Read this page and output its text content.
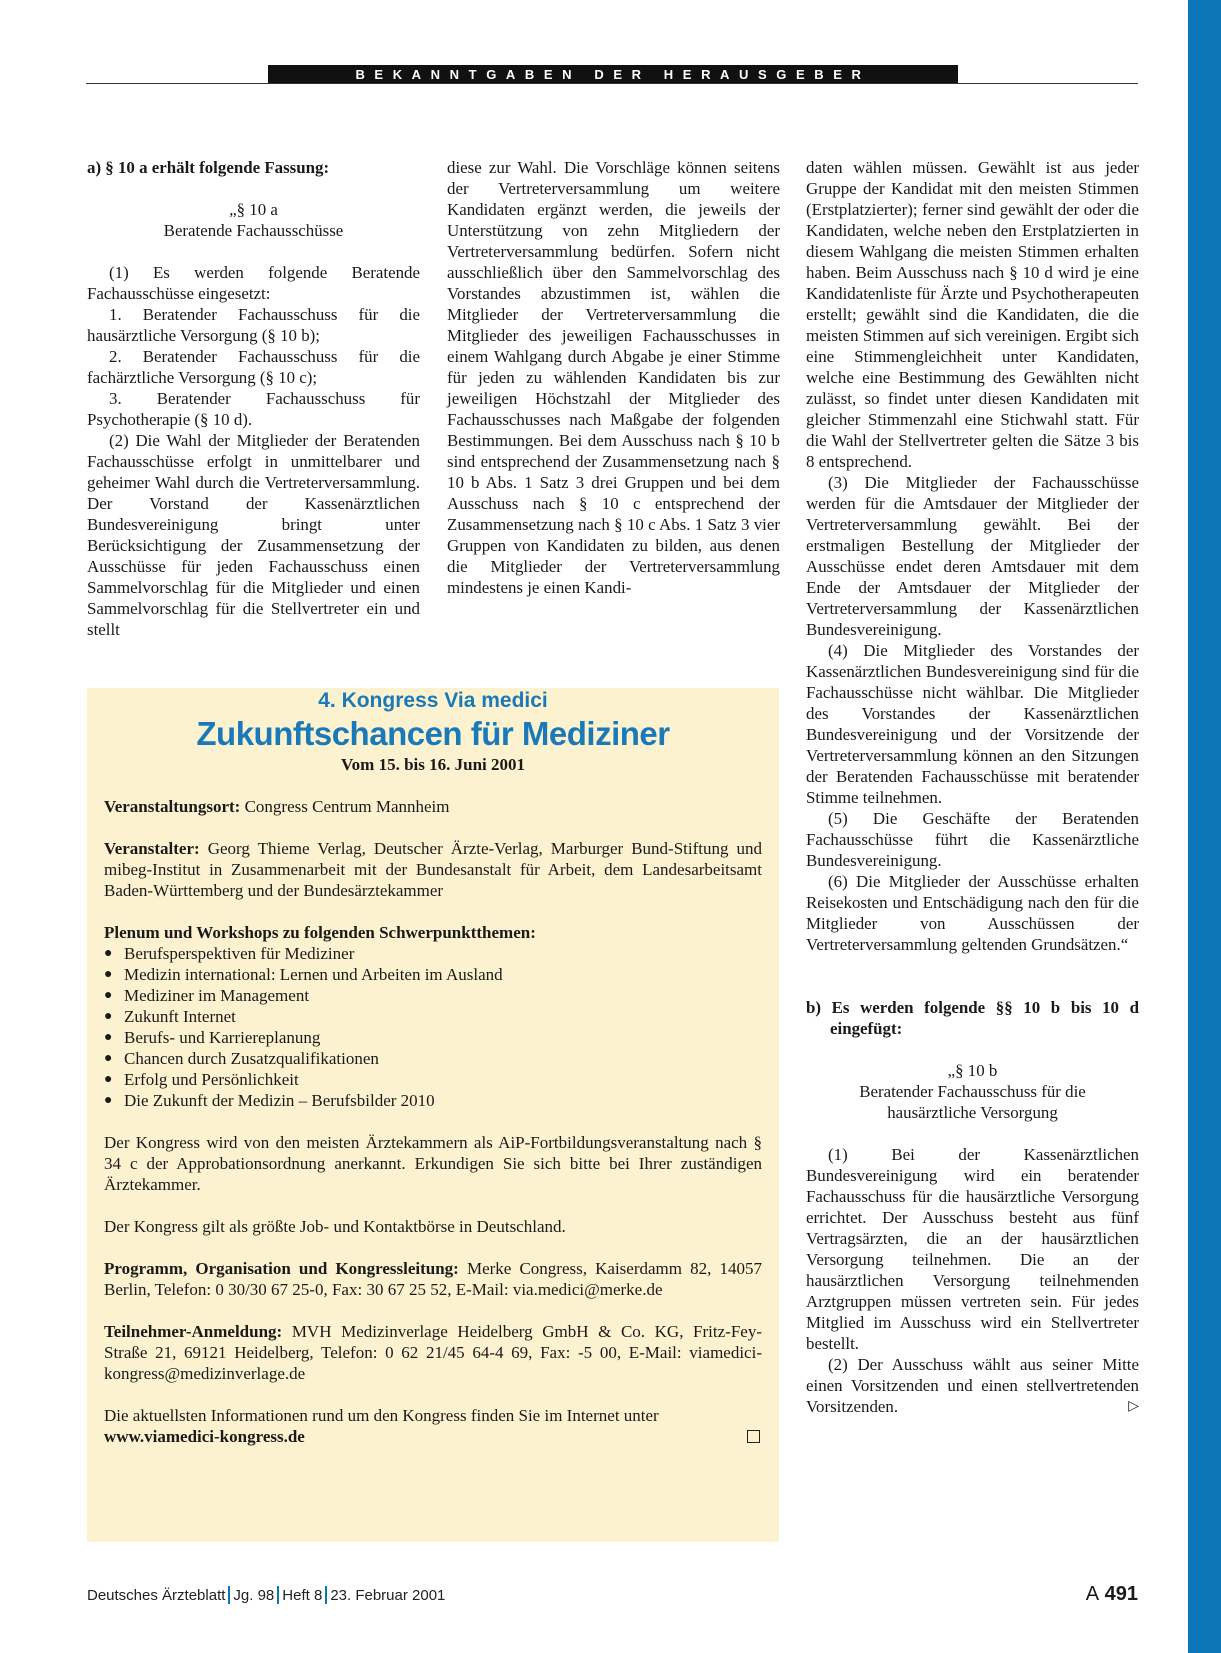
BEKANNTGABEN DER HERAUSGEBER

a) § 10 a erhält folgende Fassung:

„§ 10 a

Beratende Fachausschüsse

(1) Es werden folgende Beratende Fachausschüsse eingesetzt:

1. Beratender Fachausschuss für die hausärztliche Versorgung (§ 10 b);

2. Beratender Fachausschuss für die fachärztliche Versorgung (§ 10 c);

3. Beratender Fachausschuss für Psychotherapie (§ 10 d).

(2) Die Wahl der Mitglieder der Beratenden Fachausschüsse erfolgt in unmittelbarer und geheimer Wahl durch die Vertreterversammlung. Der Vorstand der Kassenärztlichen Bundesvereinigung bringt unter Berücksichtigung der Zusammensetzung der Ausschüsse für jeden Fachausschuss einen Sammelvorschlag für die Mitglieder und einen Sammelvorschlag für die Stellvertreter ein und stellt

diese zur Wahl. Die Vorschläge können seitens der Vertreterversammlung um weitere Kandidaten ergänzt werden, die jeweils der Unterstützung von zehn Mitgliedern der Vertreterversammlung bedürfen. Sofern nicht ausschließlich über den Sammelvorschlag des Vorstandes abzustimmen ist, wählen die Mitglieder der Vertreterversammlung die Mitglieder des jeweiligen Fachausschusses in einem Wahlgang durch Abgabe je einer Stimme für jeden zu wählenden Kandidaten bis zur jeweiligen Höchstzahl der Mitglieder des Fachausschusses nach Maßgabe der folgenden Bestimmungen. Bei dem Ausschuss nach § 10 b sind entsprechend der Zusammensetzung nach § 10 b Abs. 1 Satz 3 drei Gruppen und bei dem Ausschuss nach § 10 c entsprechend der Zusammensetzung nach § 10 c Abs. 1 Satz 3 vier Gruppen von Kandidaten zu bilden, aus denen die Mitglieder der Vertreterversammlung mindestens je einen Kandi-

daten wählen müssen. Gewählt ist aus jeder Gruppe der Kandidat mit den meisten Stimmen (Erstplatzierter); ferner sind gewählt der oder die Kandidaten, welche neben den Erstplatzierten in diesem Wahlgang die meisten Stimmen erhalten haben. Beim Ausschuss nach § 10 d wird je eine Kandidatenliste für Ärzte und Psychotherapeuten erstellt; gewählt sind die Kandidaten, die die meisten Stimmen auf sich vereinigen. Ergibt sich eine Stimmengleichheit unter Kandidaten, welche eine Bestimmung des Gewählten nicht zulässt, so findet unter diesen Kandidaten mit gleicher Stimmenzahl eine Stichwahl statt. Für die Wahl der Stellvertreter gelten die Sätze 3 bis 8 entsprechend.

(3) Die Mitglieder der Fachausschüsse werden für die Amtsdauer der Mitglieder der Vertreterversammlung gewählt. Bei der erstmaligen Bestellung der Mitglieder der Ausschüsse endet deren Amtsdauer mit dem Ende der Amtsdauer der Mitglieder der Vertreterversammlung der Kassenärztlichen Bundesvereinigung.

(4) Die Mitglieder des Vorstandes der Kassenärztlichen Bundesvereinigung sind für die Fachausschüsse nicht wählbar. Die Mitglieder des Vorstandes der Kassenärztlichen Bundesvereinigung und der Vorsitzende der Vertreterversammlung können an den Sitzungen der Beratenden Fachausschüsse mit beratender Stimme teilnehmen.

(5) Die Geschäfte der Beratenden Fachausschüsse führt die Kassenärztliche Bundesvereinigung.

(6) Die Mitglieder der Ausschüsse erhalten Reisekosten und Entschädigung nach den für die Mitglieder von Ausschüssen der Vertreterversammlung geltenden Grundsätzen.“

b) Es werden folgende §§ 10 b bis 10 d eingefügt:

„§ 10 b

Beratender Fachausschuss für die

hausärztliche Versorgung

(1) Bei der Kassenärztlichen Bundesvereinigung wird ein beratender Fachausschuss für die hausärztliche Versorgung errichtet. Der Ausschuss besteht aus fünf Vertragsärzten, die an der hausärztlichen Versorgung teilnehmen. Die an der hausärztlichen Versorgung teilnehmenden Arztgruppen müssen vertreten sein. Für jedes Mitglied im Ausschuss wird ein Stellvertreter bestellt.

(2) Der Ausschuss wählt aus seiner Mitte einen Vorsitzenden und einen stellvertretenden Vorsitzenden.	▷

4. Kongress Via medici

Zukunftschancen für Mediziner

Vom 15. bis 16. Juni 2001

Veranstaltungsort: Congress Centrum Mannheim

Veranstalter: Georg Thieme Verlag, Deutscher Ärzte-Verlag, Marburger Bund-Stiftung und mibeg-Institut in Zusammenarbeit mit der Bundesanstalt für Arbeit, dem Landesarbeitsamt Baden-Württemberg und der Bundesärztekammer

Plenum und Workshops zu folgenden Schwerpunktthemen:

● Berufsperspektiven für Mediziner
● Medizin international: Lernen und Arbeiten im Ausland
● Mediziner im Management
● Zukunft Internet
● Berufs- und Karriereplanung
● Chancen durch Zusatzqualifikationen
● Erfolg und Persönlichkeit
● Die Zukunft der Medizin – Berufsbilder 2010

Der Kongress wird von den meisten Ärztekammern als AiP-Fortbildungsveranstaltung nach § 34 c der Approbationsordnung anerkannt. Erkundigen Sie sich bitte bei Ihrer zuständigen Ärztekammer.

Der Kongress gilt als größte Job- und Kontaktbörse in Deutschland.

Programm, Organisation und Kongressleitung: Merke Congress, Kaiserdamm 82, 14057 Berlin, Telefon: 0 30/30 67 25-0, Fax: 30 67 25 52, E-Mail: via.medici@merke.de

Teilnehmer-Anmeldung: MVH Medizinverlage Heidelberg GmbH & Co. KG, Fritz-Fey-Straße 21, 69121 Heidelberg, Telefon: 0 62 21/45 64-4 69, Fax: -5 00, E-Mail: viamedici-kongress@medizinverlage.de

Die aktuellsten Informationen rund um den Kongress finden Sie im Internet unter

www.viamedici-kongress.de
Deutsches Ärzteblatt Jg. 98 Heft 8 23. Februar 2001	A 491
